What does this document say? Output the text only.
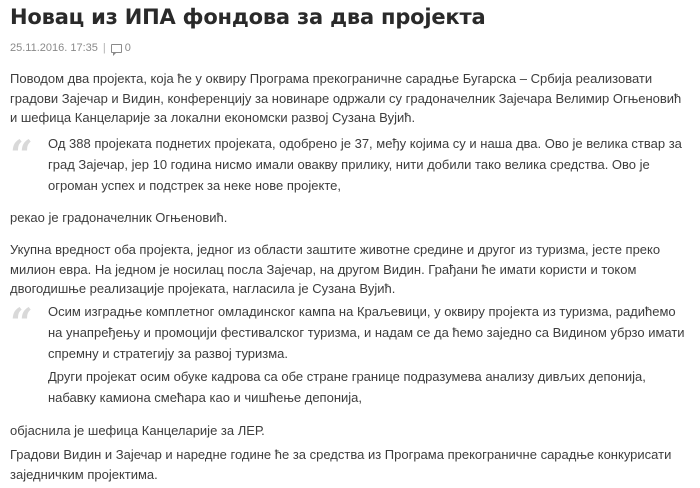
Новац из ИПА фондова за два пројекта
25.11.2016. 17:35 | 0

Поводом два пројекта, која ће у оквиру Програма прекограничне сарадње Бугарска – Србија реализовати градови Зајечар и Видин, конференцију за новинаре одржали су градоначелник Зајечара Велимир Огњеновић и шефица Канцеларије за локални економски развој Сузана Вујић.

“ Од 388 пројеката поднетих пројеката, одобрено је 37, међу којима су и наша два. Ово је велика ствар за град Зајечар, јер 10 година нисмо имали овакву прилику, нити добили тако велика средства. Ово је огроман успех и подстрек за неке нове пројекте,

рекао је градоначелник Огњеновић.

Укупна вредност оба пројекта, једног из области заштите животне средине и другог из туризма, јесте преко милион евра. На једном је носилац посла Зајечар, на другом Видин. Грађани ће имати користи и током двогодишње реализације пројеката, нагласила је Сузана Вујић.

“ Осим изградње комплетног омладинског кампа на Краљевици, у оквиру пројекта из туризма, радићемо на унапређењу и промоцији фестивалског туризма, и надам се да ћемо заједно са Видином убрзо имати спремну и стратегију за развој туризма.

Други пројекат осим обуке кадрова са обе стране границе подразумева анализу дивљих депонија, набавку камиона смећара као и чишћење депонија,

објаснила је шефица Канцеларије за ЛЕР.

Градови Видин и Зајечар и наредне године ће за средства из Програма прекограничне сарадње конкурисати заједничким пројектима.
